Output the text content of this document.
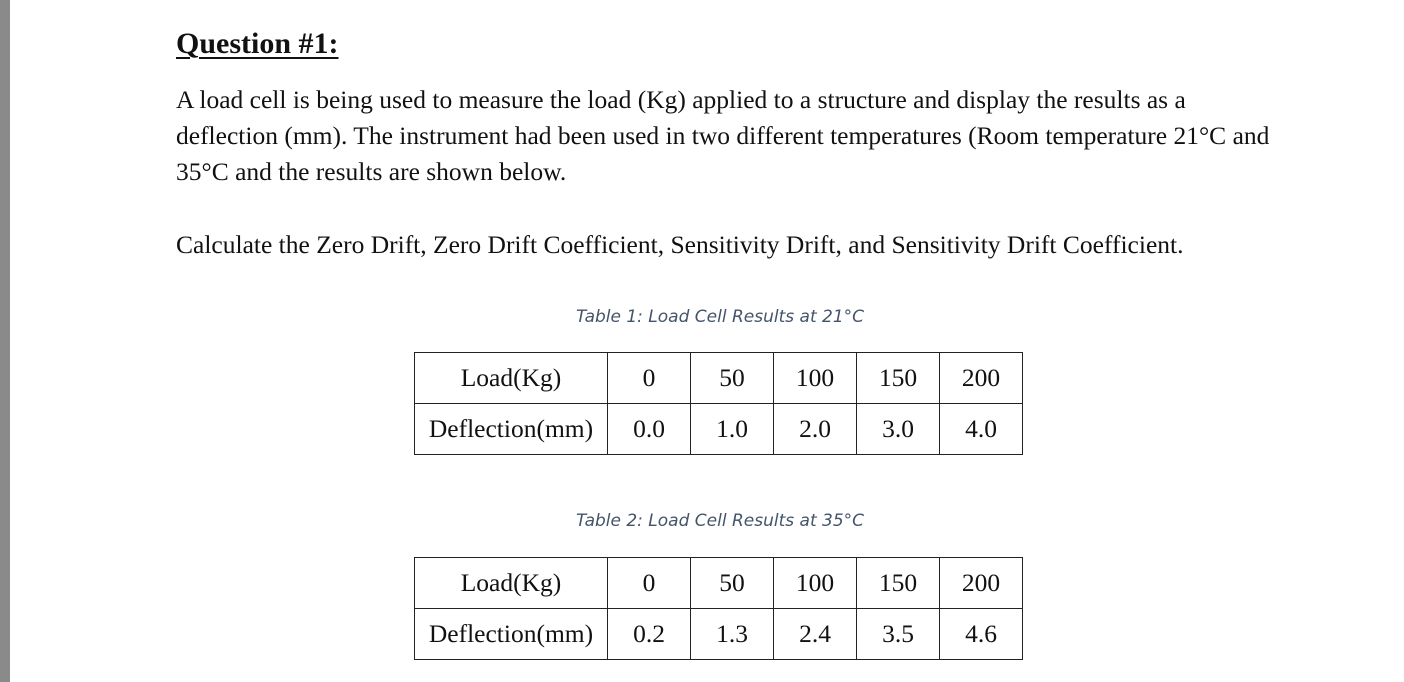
Question #1:

A load cell is being used to measure the load (Kg) applied to a structure and display the results as a deflection (mm). The instrument had been used in two different temperatures (Room temperature 21°C and 35°C and the results are shown below.

Calculate the Zero Drift, Zero Drift Coefficient, Sensitivity Drift, and Sensitivity Drift Coefficient.

Table 1: Load Cell Results at 21°C
Load(Kg)	0	50	100	150	200
Deflection(mm)	0.0	1.0	2.0	3.0	4.0
Table 2: Load Cell Results at 35°C
Load(Kg)	0	50	100	150	200
Deflection(mm)	0.2	1.3	2.4	3.5	4.6
